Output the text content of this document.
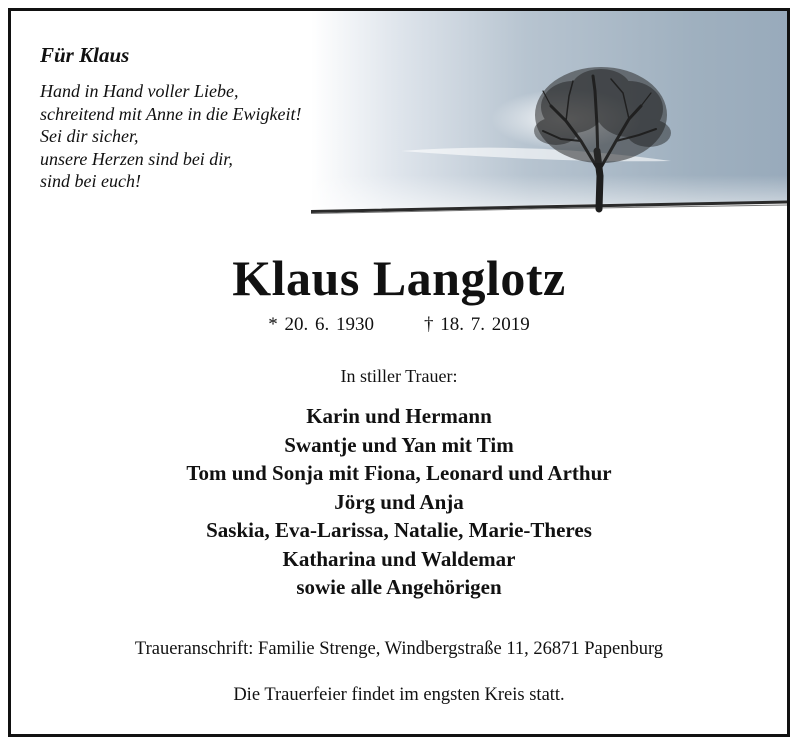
Für Klaus
Hand in Hand voller Liebe,
schreitend mit Anne in die Ewigkeit!
Sei dir sicher,
unsere Herzen sind bei dir,
sind bei euch!
Klaus Langlotz
* 20. 6. 1930	† 18. 7. 2019
In stiller Trauer:
Karin und Hermann
Swantje und Yan mit Tim
Tom und Sonja mit Fiona, Leonard und Arthur
Jörg und Anja
Saskia, Eva-Larissa, Natalie, Marie-Theres
Katharina und Waldemar
sowie alle Angehörigen
Traueranschrift: Familie Strenge, Windbergstraße 11, 26871 Papenburg
Die Trauerfeier findet im engsten Kreis statt.
